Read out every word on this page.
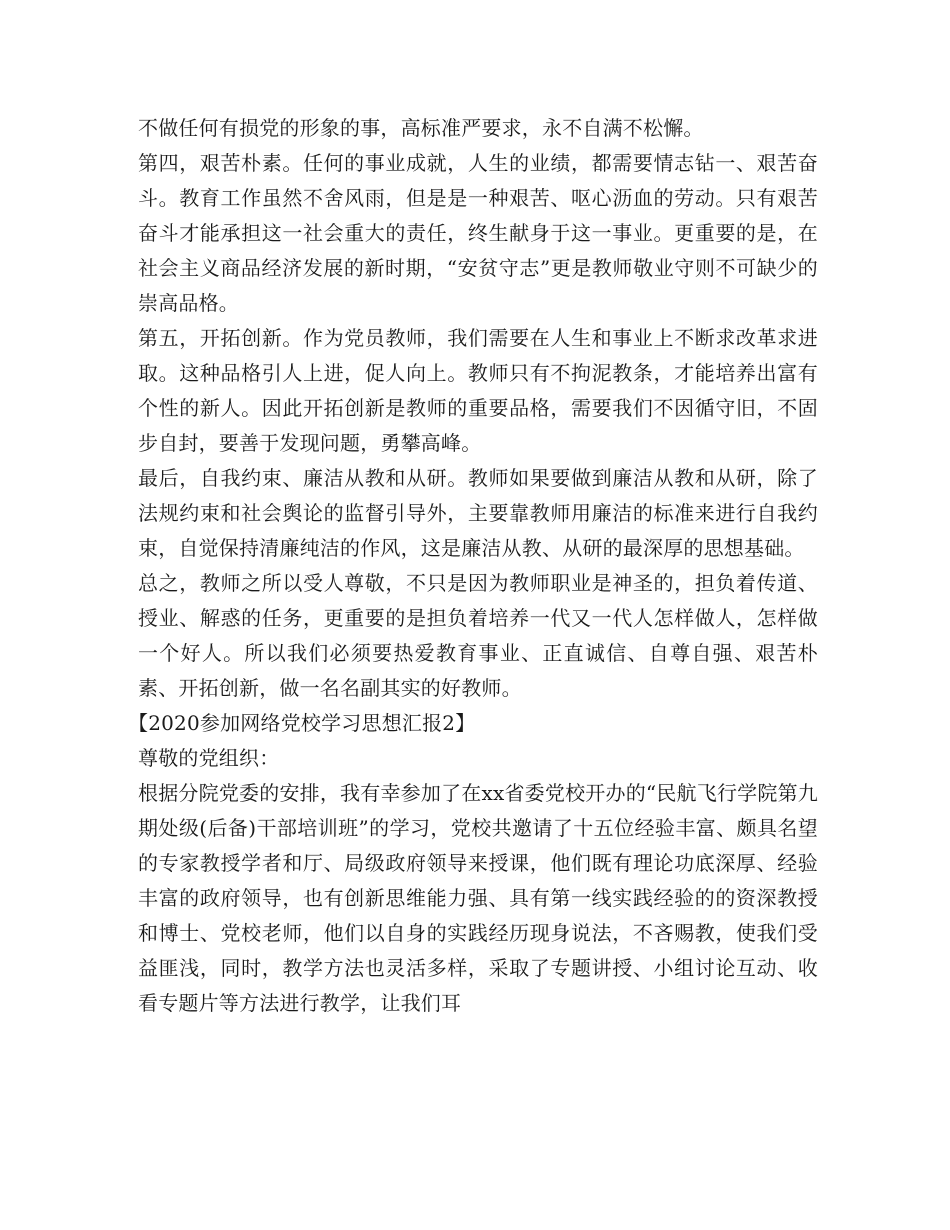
不做任何有损党的形象的事，高标准严要求，永不自满不松懈。

第四，艰苦朴素。任何的事业成就，人生的业绩，都需要情志钻一、艰苦奋斗。教育工作虽然不舍风雨，但是是一种艰苦、呕心沥血的劳动。只有艰苦奋斗才能承担这一社会重大的责任，终生献身于这一事业。更重要的是，在社会主义商品经济发展的新时期，“安贫守志”更是教师敬业守则不可缺少的崇高品格。

第五，开拓创新。作为党员教师，我们需要在人生和事业上不断求改革求进取。这种品格引人上进，促人向上。教师只有不拘泥教条，才能培养出富有个性的新人。因此开拓创新是教师的重要品格，需要我们不因循守旧，不固步自封，要善于发现问题，勇攀高峰。

最后，自我约束、廉洁从教和从研。教师如果要做到廉洁从教和从研，除了法规约束和社会舆论的监督引导外，主要靠教师用廉洁的标准来进行自我约束，自觉保持清廉纯洁的作风，这是廉洁从教、从研的最深厚的思想基础。

总之，教师之所以受人尊敬，不只是因为教师职业是神圣的，担负着传道、授业、解惑的任务，更重要的是担负着培养一代又一代人怎样做人，怎样做一个好人。所以我们必须要热爱教育事业、正直诚信、自尊自强、艰苦朴素、开拓创新，做一名名副其实的好教师。

【2020参加网络党校学习思想汇报2】

尊敬的党组织：

根据分院党委的安排，我有幸参加了在xx省委党校开办的“民航飞行学院第九期处级(后备)干部培训班”的学习，党校共邀请了十五位经验丰富、颇具名望的专家教授学者和厅、局级政府领导来授课，他们既有理论功底深厚、经验丰富的政府领导，也有创新思维能力强、具有第一线实践经验的的资深教授和博士、党校老师，他们以自身的实践经历现身说法，不吝赐教，使我们受益匪浅，同时，教学方法也灵活多样，采取了专题讲授、小组讨论互动、收看专题片等方法进行教学，让我们耳
